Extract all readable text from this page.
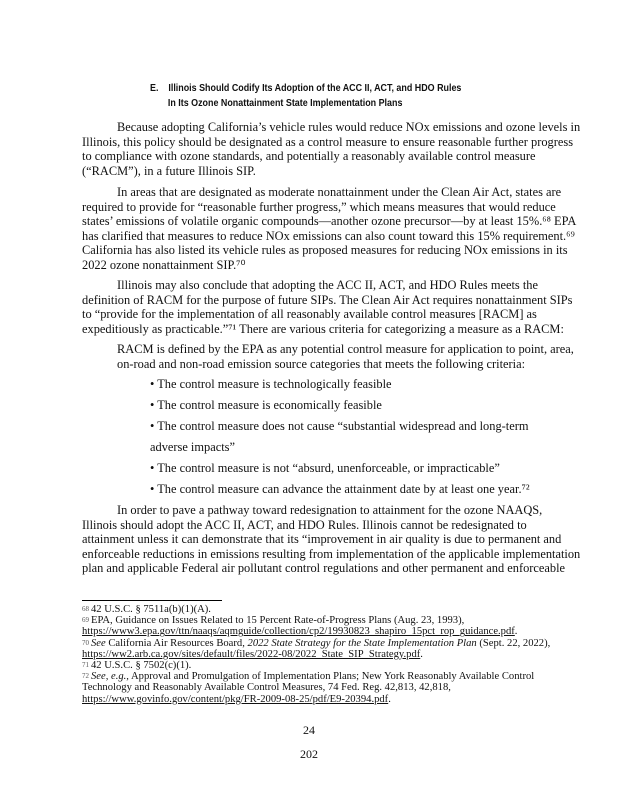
E. Illinois Should Codify Its Adoption of the ACC II, ACT, and HDO Rules
In Its Ozone Nonattainment State Implementation Plans
Because adopting California’s vehicle rules would reduce NOx emissions and ozone levels in
Illinois, this policy should be designated as a control measure to ensure reasonable further progress
to compliance with ozone standards, and potentially a reasonably available control measure
(“RACM”), in a future Illinois SIP.
In areas that are designated as moderate nonattainment under the Clean Air Act, states are
required to provide for “reasonable further progress,” which means measures that would reduce
states’ emissions of volatile organic compounds—another ozone precursor—by at least 15%.⁶⁸ EPA
has clarified that measures to reduce NOx emissions can also count toward this 15% requirement.⁶⁹
California has also listed its vehicle rules as proposed measures for reducing NOx emissions in its
2022 ozone nonattainment SIP.⁷⁰
Illinois may also conclude that adopting the ACC II, ACT, and HDO Rules meets the
definition of RACM for the purpose of future SIPs. The Clean Air Act requires nonattainment SIPs
to “provide for the implementation of all reasonably available control measures [RACM] as
expeditiously as practicable.”⁷¹ There are various criteria for categorizing a measure as a RACM:
RACM is defined by the EPA as any potential control measure for application to point, area,
on-road and non-road emission source categories that meets the following criteria:
• The control measure is technologically feasible
• The control measure is economically feasible
• The control measure does not cause “substantial widespread and long-term
adverse impacts”
• The control measure is not “absurd, unenforceable, or impracticable”
• The control measure can advance the attainment date by at least one year.⁷²
In order to pave a pathway toward redesignation to attainment for the ozone NAAQS,
Illinois should adopt the ACC II, ACT, and HDO Rules. Illinois cannot be redesignated to
attainment unless it can demonstrate that its “improvement in air quality is due to permanent and
enforceable reductions in emissions resulting from implementation of the applicable implementation
plan and applicable Federal air pollutant control regulations and other permanent and enforceable
$^{68}$ 42 U.S.C. § 7511a(b)(1)(A).
$^{69}$ EPA, Guidance on Issues Related to 15 Percent Rate-of-Progress Plans (Aug. 23, 1993),
https://www3.epa.gov/ttn/naaqs/aqmguide/collection/cp2/19930823_shapiro_15pct_rop_guidance.pdf.
$^{70}$ See California Air Resources Board, 2022 State Strategy for the State Implementation Plan (Sept. 22, 2022),
https://ww2.arb.ca.gov/sites/default/files/2022-08/2022_State_SIP_Strategy.pdf.
$^{71}$ 42 U.S.C. § 7502(c)(1).
$^{72}$ See, e.g., Approval and Promulgation of Implementation Plans; New York Reasonably Available Control
Technology and Reasonably Available Control Measures, 74 Fed. Reg. 42,813, 42,818,
https://www.govinfo.gov/content/pkg/FR-2009-08-25/pdf/E9-20394.pdf.
24
202
